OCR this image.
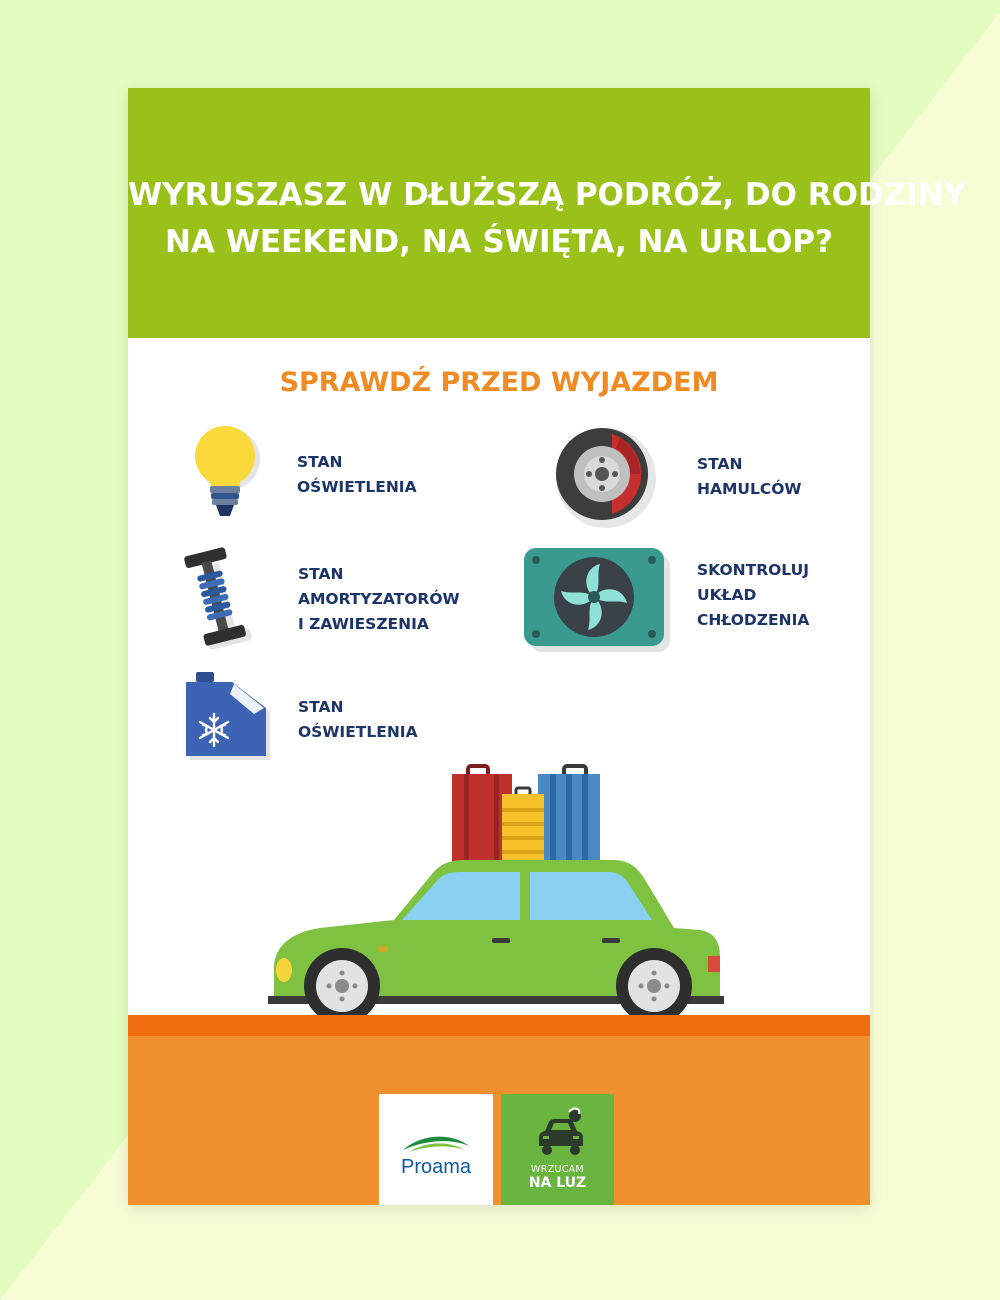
WYRUSZASZ W DŁUŻSZĄ PODRÓŻ, DO RODZINY
NA WEEKEND, NA ŚWIĘTA, NA URLOP?
SPRAWDŹ PRZED WYJAZDEM
STAN
OŚWIETLENIA
STAN
HAMULCÓW
STAN
AMORTYZATORÓW
I ZAWIESZENIA
SKONTROLUJ
UKŁAD
CHŁODZENIA
STAN
OŚWIETLENIA
Proama	WRZUCAM
NA LUZ
